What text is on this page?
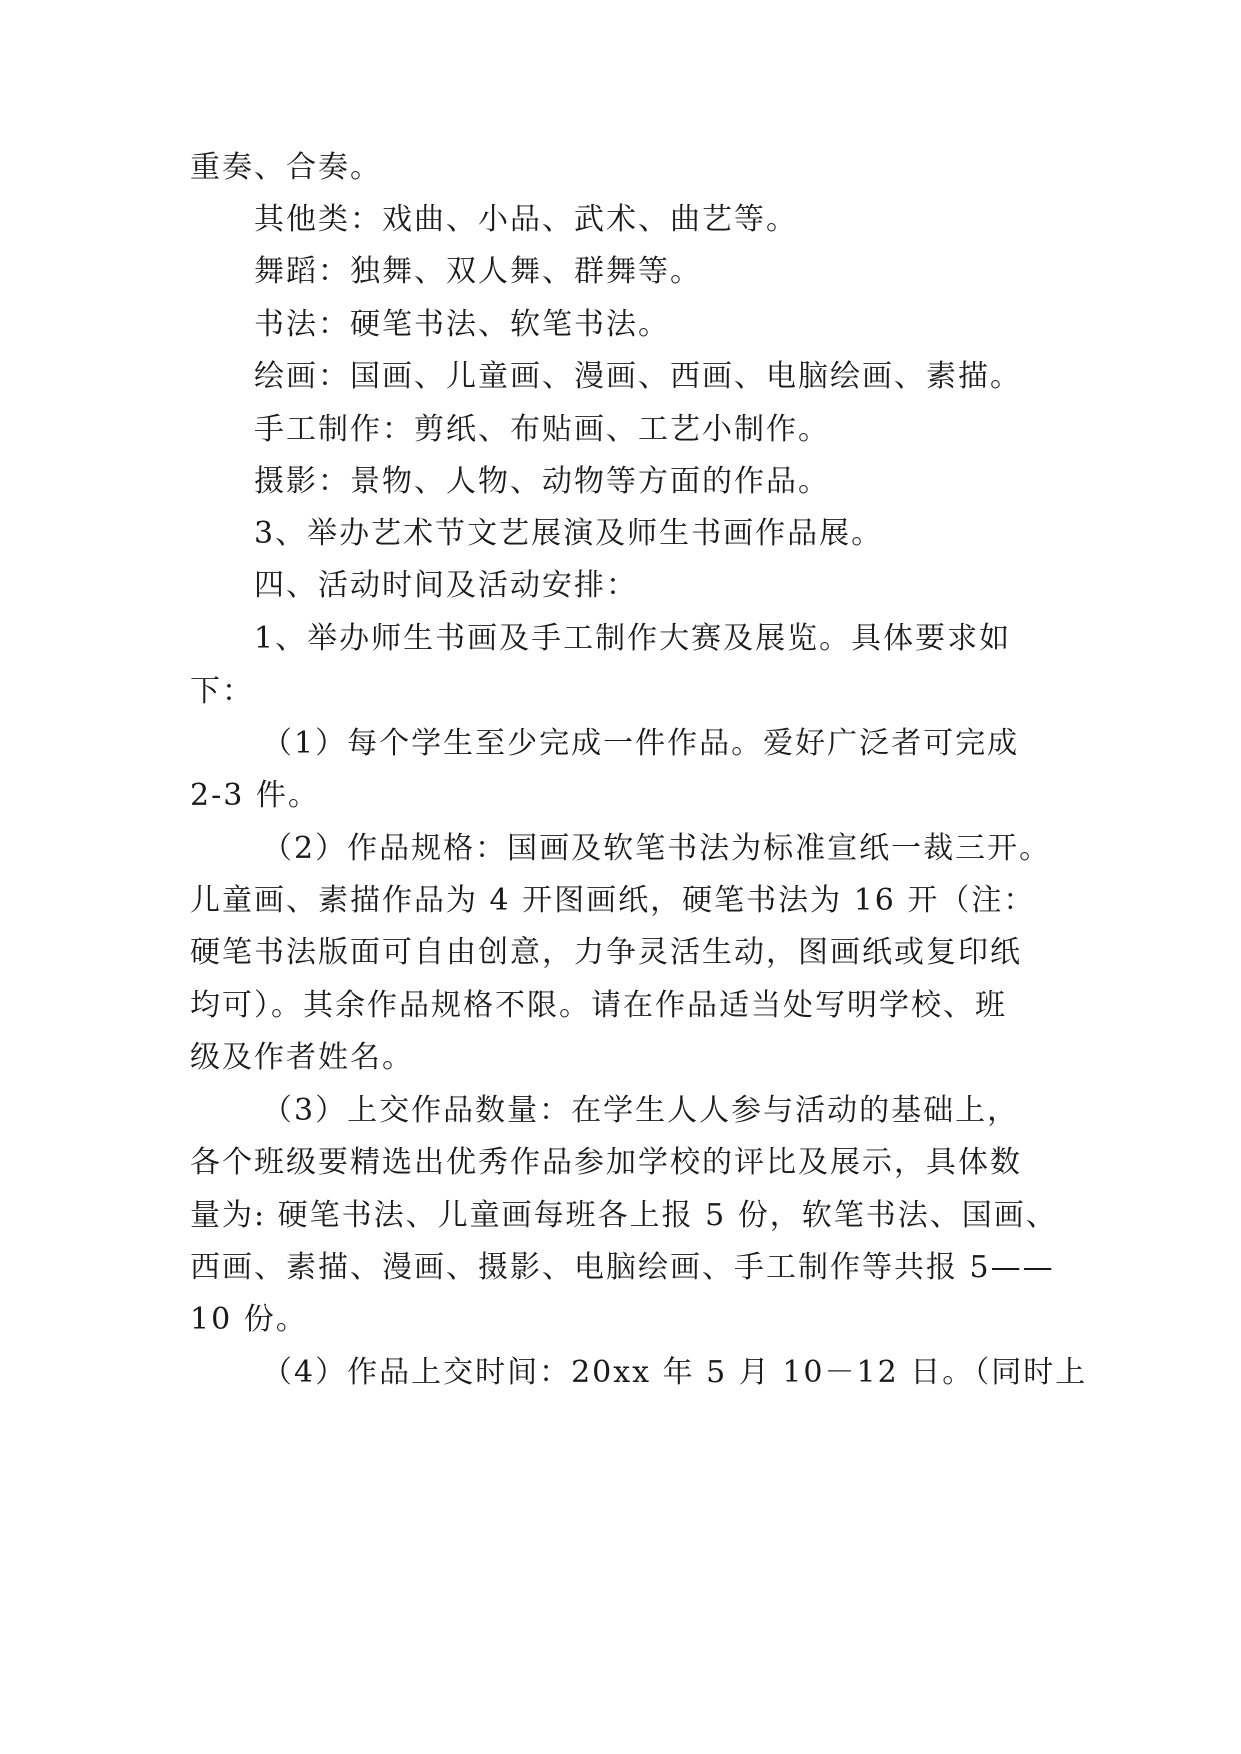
重奏、合奏。
其他类：戏曲、小品、武术、曲艺等。
舞蹈：独舞、双人舞、群舞等。
书法：硬笔书法、软笔书法。
绘画：国画、儿童画、漫画、西画、电脑绘画、素描。
手工制作：剪纸、布贴画、工艺小制作。
摄影：景物、人物、动物等方面的作品。
3、举办艺术节文艺展演及师生书画作品展。
四、活动时间及活动安排：
1、举办师生书画及手工制作大赛及展览。具体要求如
下：
（1）每个学生至少完成一件作品。爱好广泛者可完成
2-3 件。
（2）作品规格：国画及软笔书法为标准宣纸一裁三开。
儿童画、素描作品为 4 开图画纸，硬笔书法为 16 开（注：
硬笔书法版面可自由创意，力争灵活生动，图画纸或复印纸
均可）。其余作品规格不限。请在作品适当处写明学校、班
级及作者姓名。
（3）上交作品数量：在学生人人参与活动的基础上，
各个班级要精选出优秀作品参加学校的评比及展示，具体数
量为: 硬笔书法、儿童画每班各上报 5 份，软笔书法、国画、
西画、素描、漫画、摄影、电脑绘画、手工制作等共报 5——
10 份。
（4）作品上交时间：20xx 年 5 月 10－12 日。（同时上
